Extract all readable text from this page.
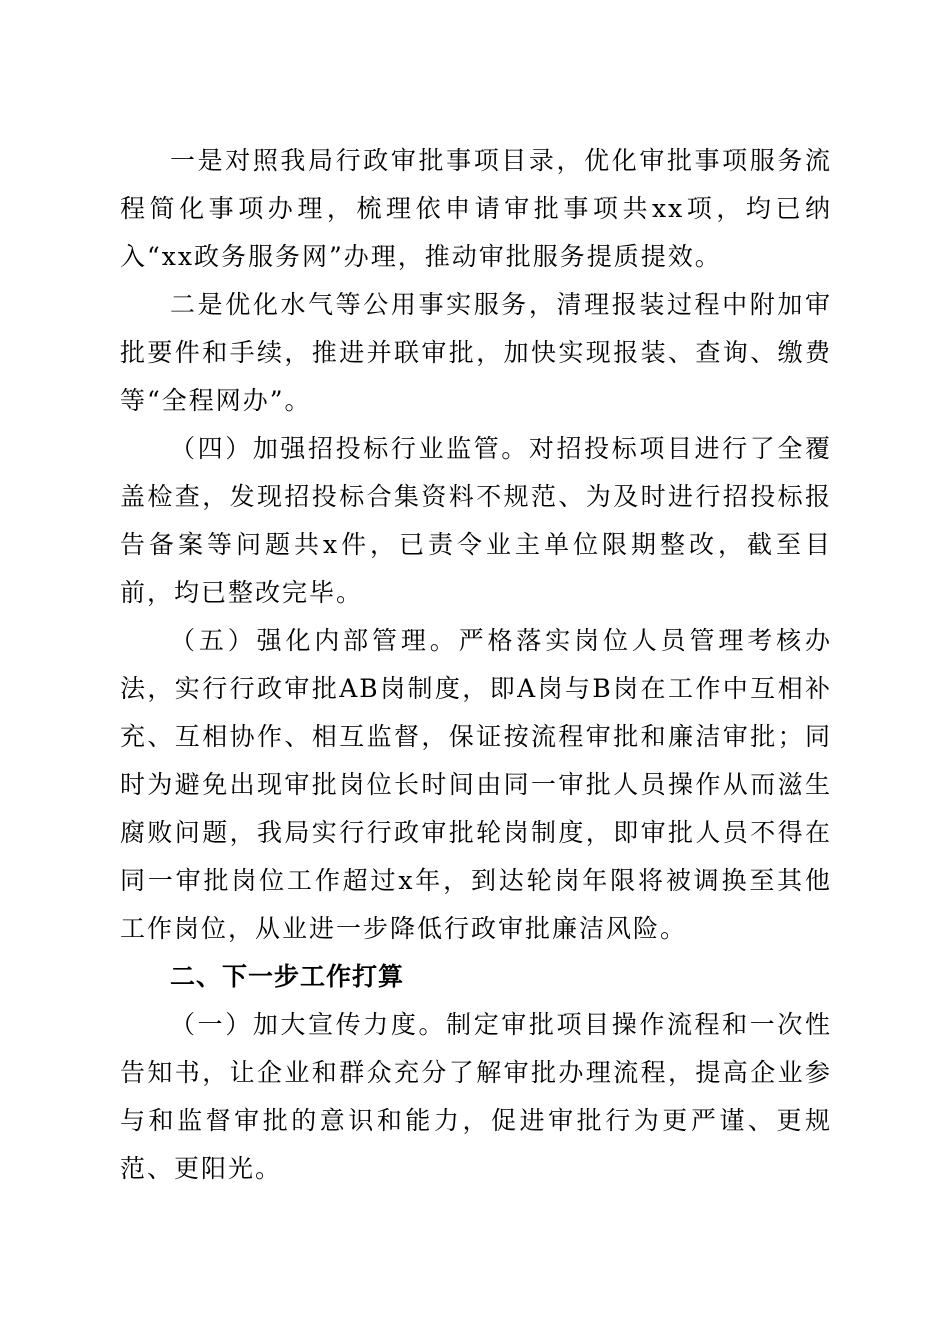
一是对照我局行政审批事项目录，优化审批事项服务流程简化事项办理，梳理依申请审批事项共xx项，均已纳入“xx政务服务网”办理，推动审批服务提质提效。

二是优化水气等公用事实服务，清理报装过程中附加审批要件和手续，推进并联审批，加快实现报装、查询、缴费等“全程网办”。

（四）加强招投标行业监管。对招投标项目进行了全覆盖检查，发现招投标合集资料不规范、为及时进行招投标报告备案等问题共x件，已责令业主单位限期整改，截至目前，均已整改完毕。

（五）强化内部管理。严格落实岗位人员管理考核办法，实行行政审批AB岗制度，即A岗与B岗在工作中互相补充、互相协作、相互监督，保证按流程审批和廉洁审批；同时为避免出现审批岗位长时间由同一审批人员操作从而滋生腐败问题，我局实行行政审批轮岗制度，即审批人员不得在同一审批岗位工作超过x年，到达轮岗年限将被调换至其他工作岗位，从业进一步降低行政审批廉洁风险。

二、下一步工作打算

（一）加大宣传力度。制定审批项目操作流程和一次性告知书，让企业和群众充分了解审批办理流程，提高企业参与和监督审批的意识和能力，促进审批行为更严谨、更规范、更阳光。
